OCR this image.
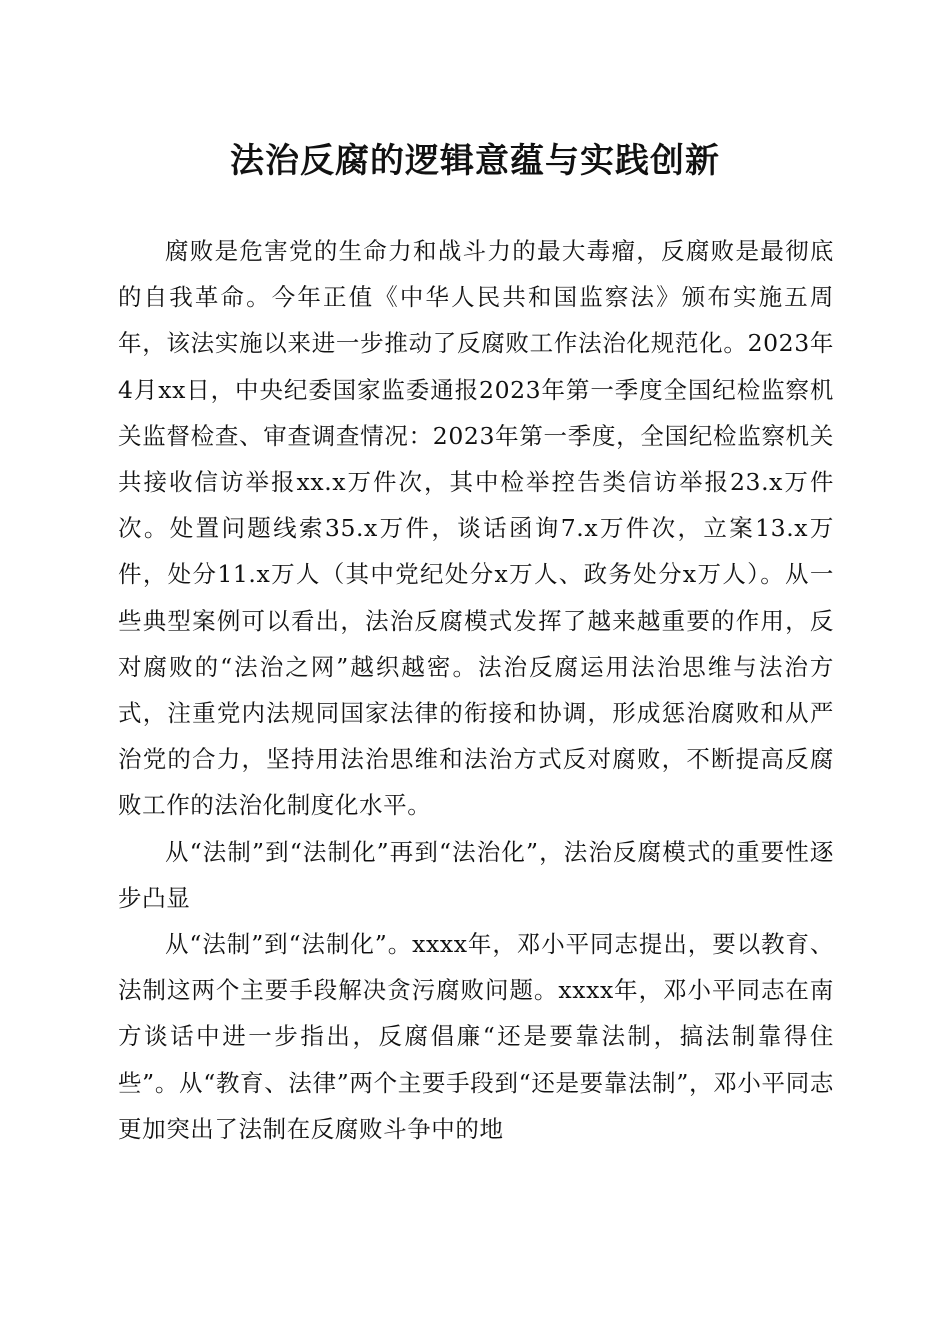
法治反腐的逻辑意蕴与实践创新

腐败是危害党的生命力和战斗力的最大毒瘤，反腐败是最彻底的自我革命。今年正值《中华人民共和国监察法》颁布实施五周年，该法实施以来进一步推动了反腐败工作法治化规范化。2023年4月xx日，中央纪委国家监委通报2023年第一季度全国纪检监察机关监督检查、审查调查情况：2023年第一季度，全国纪检监察机关共接收信访举报xx.x万件次，其中检举控告类信访举报23.x万件次。处置问题线索35.x万件，谈话函询7.x万件次，立案13.x万件，处分11.x万人（其中党纪处分x万人、政务处分x万人）。从一些典型案例可以看出，法治反腐模式发挥了越来越重要的作用，反对腐败的“法治之网”越织越密。法治反腐运用法治思维与法治方式，注重党内法规同国家法律的衔接和协调，形成惩治腐败和从严治党的合力，坚持用法治思维和法治方式反对腐败，不断提高反腐败工作的法治化制度化水平。

从“法制”到“法制化”再到“法治化”，法治反腐模式的重要性逐步凸显

从“法制”到“法制化”。xxxx年，邓小平同志提出，要以教育、法制这两个主要手段解决贪污腐败问题。xxxx年，邓小平同志在南方谈话中进一步指出，反腐倡廉“还是要靠法制，搞法制靠得住些”。从“教育、法律”两个主要手段到“还是要靠法制”，邓小平同志更加突出了法制在反腐败斗争中的地
